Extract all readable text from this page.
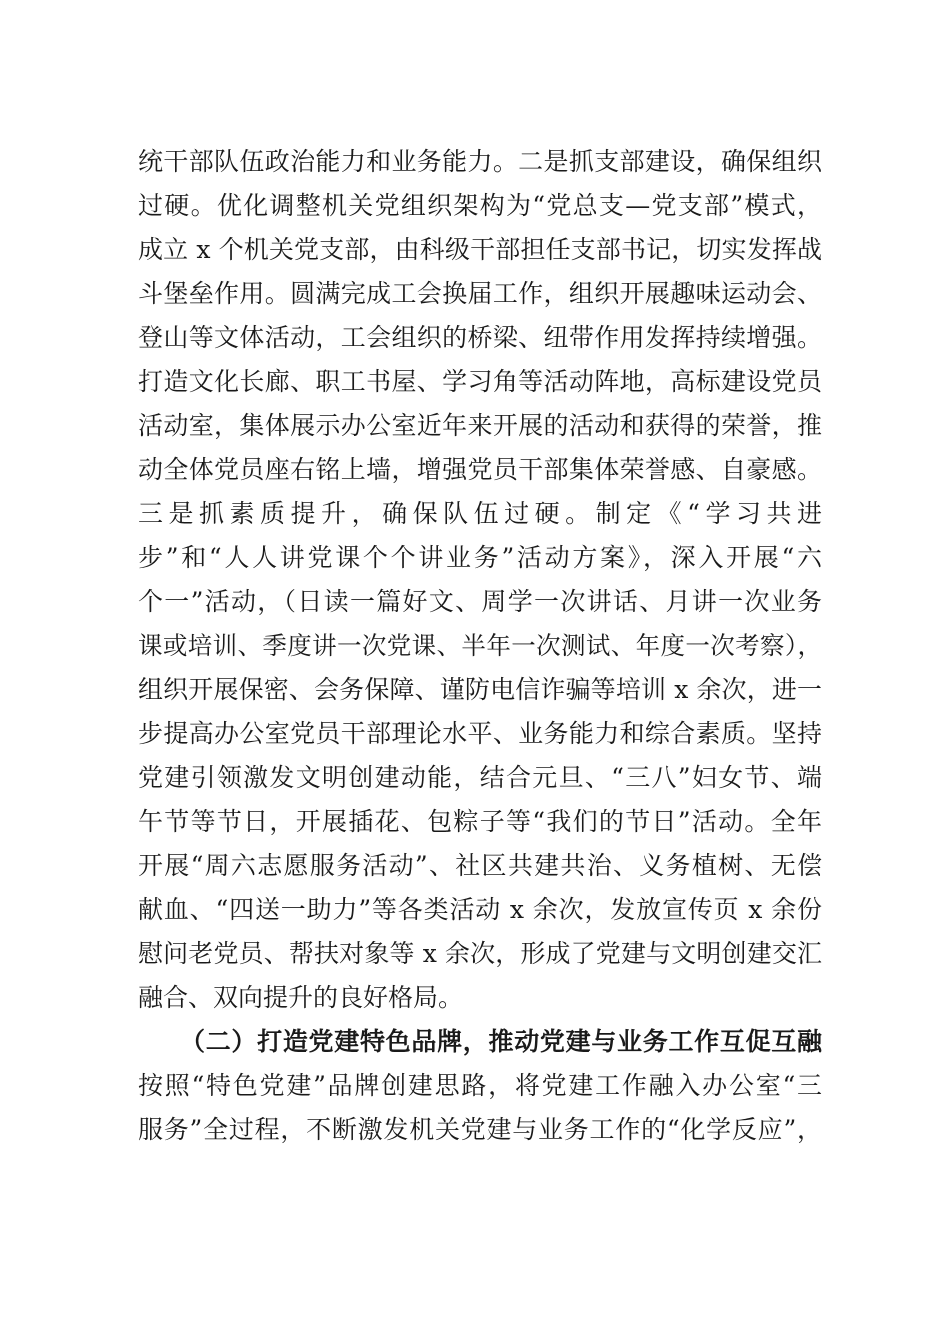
统干部队伍政治能力和业务能力。二是抓支部建设，确保组织
过硬。优化调整机关党组织架构为“党总支—党支部”模式，
成立 x 个机关党支部，由科级干部担任支部书记，切实发挥战
斗堡垒作用。圆满完成工会换届工作，组织开展趣味运动会、
登山等文体活动，工会组织的桥梁、纽带作用发挥持续增强。
打造文化长廊、职工书屋、学习角等活动阵地，高标建设党员
活动室，集体展示办公室近年来开展的活动和获得的荣誉，推
动全体党员座右铭上墙，增强党员干部集体荣誉感、自豪感。
三是抓素质提升，确保队伍过硬。制定《“学习共进
步”和“人人讲党课个个讲业务”活动方案》，深入开展“六
个一”活动，（日读一篇好文、周学一次讲话、月讲一次业务
课或培训、季度讲一次党课、半年一次测试、年度一次考察），
组织开展保密、会务保障、谨防电信诈骗等培训 x 余次，进一
步提高办公室党员干部理论水平、业务能力和综合素质。坚持
党建引领激发文明创建动能，结合元旦、“三八”妇女节、端
午节等节日，开展插花、包粽子等“我们的节日”活动。全年
开展“周六志愿服务活动”、社区共建共治、义务植树、无偿
献血、“四送一助力”等各类活动 x 余次，发放宣传页 x 余份
慰问老党员、帮扶对象等 x 余次，形成了党建与文明创建交汇
融合、双向提升的良好格局。
（二）打造党建特色品牌，推动党建与业务工作互促互融
按照“特色党建”品牌创建思路，将党建工作融入办公室“三
服务”全过程，不断激发机关党建与业务工作的“化学反应”，
